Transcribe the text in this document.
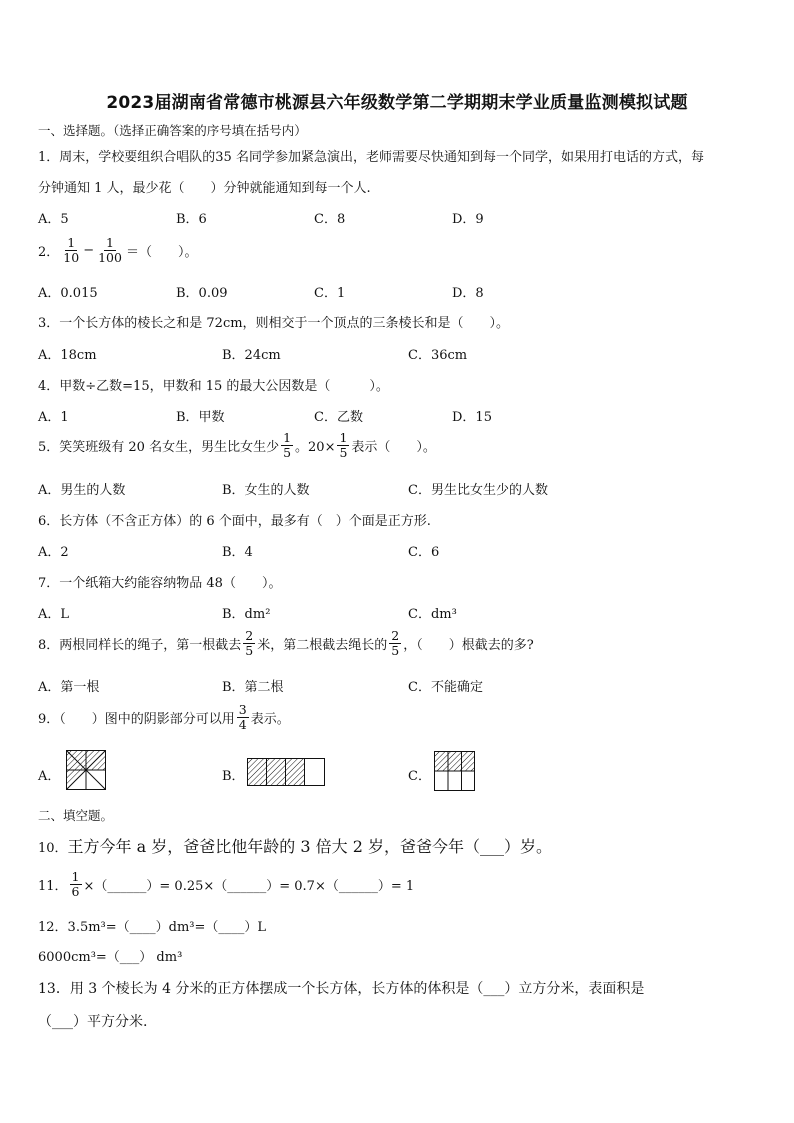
2023届湖南省常德市桃源县六年级数学第二学期期末学业质量监测模拟试题
一、选择题。（选择正确答案的序号填在括号内）
1．周末，学校要组织合唱队的35 名同学参加紧急演出，老师需要尽快通知到每一个同学，如果用打电话的方式，每
分钟通知 1 人，最少花（　　）分钟就能通知到每一个人.
A．5	B．6	C．8	D．9
2． $\frac{1}{10} - \frac{1}{100}$ ＝（　　）。
A．0.015	B．0.09	C．1	D．8
3．一个长方体的棱长之和是 72cm，则相交于一个顶点的三条棱长和是（　　）。
A．18cm	B．24cm	C．36cm
4．甲数÷乙数=15，甲数和 15 的最大公因数是（　　　）。
A．1	B．甲数	C．乙数	D．15
5．笑笑班级有 20 名女生，男生比女生少 $\frac{1}{5}$ 。$20\times \frac{1}{5}$ 表示（　　）。
A．男生的人数	B．女生的人数	C．男生比女生少的人数
6．长方体（不含正方体）的 6 个面中，最多有（　）个面是正方形.
A．2	B．4	C．6
7．一个纸箱大约能容纳物品 48（　　）。
A．L	B．dm²	C．dm³
8．两根同样长的绳子，第一根截去 $\frac{2}{5}$ 米，第二根截去绳长的 $\frac{2}{5}$ ，（　　）根截去的多?
A．第一根	B．第二根	C．不能确定
9．（　　）图中的阴影部分可以用 $\frac{3}{4}$ 表示。
A．	B．	C．
二、填空题。
10． 王方今年 a 岁，爸爸比他年龄的 3 倍大 2 岁，爸爸今年（___）岁。
11． $\frac{1}{6}$ ×（______）= 0.25×（______）= 0.7×（______）= 1
12．3.5m³=（____）dm³=（____）L
6000cm³=（___） dm³
13．用 3 个棱长为 4 分米的正方体摆成一个长方体，长方体的体积是（___）立方分米，表面积是
（___）平方分米.
